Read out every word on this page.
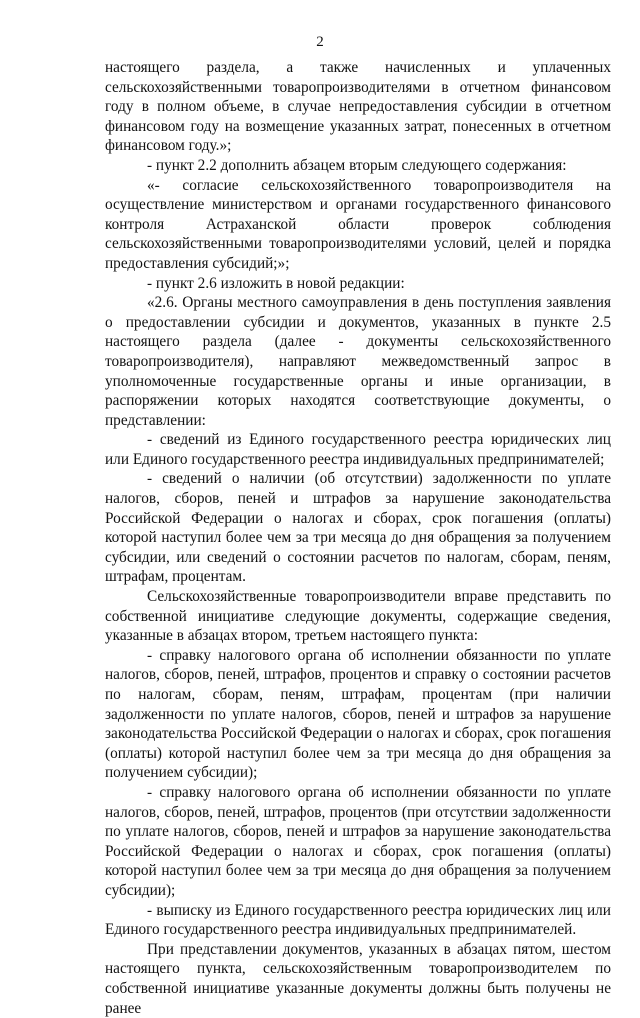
2

настоящего раздела, а также начисленных и уплаченных сельскохозяйственными товаропроизводителями в отчетном финансовом году в полном объеме, в случае непредоставления субсидии в отчетном финансовом году на возмещение указанных затрат, понесенных в отчетном финансовом году.»;

- пункт 2.2 дополнить абзацем вторым следующего содержания:

«- согласие сельскохозяйственного товаропроизводителя на осуществление министерством и органами государственного финансового контроля Астраханской области проверок соблюдения сельскохозяйственными товаропроизводителями условий, целей и порядка предоставления субсидий;»;

- пункт 2.6 изложить в новой редакции:

«2.6. Органы местного самоуправления в день поступления заявления о предоставлении субсидии и документов, указанных в пункте 2.5 настоящего раздела (далее - документы сельскохозяйственного товаропроизводителя), направляют межведомственный запрос в уполномоченные государственные органы и иные организации, в распоряжении которых находятся соответствующие документы, о представлении:

- сведений из Единого государственного реестра юридических лиц или Единого государственного реестра индивидуальных предпринимателей;

- сведений о наличии (об отсутствии) задолженности по уплате налогов, сборов, пеней и штрафов за нарушение законодательства Российской Федерации о налогах и сборах, срок погашения (оплаты) которой наступил более чем за три месяца до дня обращения за получением субсидии, или сведений о состоянии расчетов по налогам, сборам, пеням, штрафам, процентам.

Сельскохозяйственные товаропроизводители вправе представить по собственной инициативе следующие документы, содержащие сведения, указанные в абзацах втором, третьем настоящего пункта:

- справку налогового органа об исполнении обязанности по уплате налогов, сборов, пеней, штрафов, процентов и справку о состоянии расчетов по налогам, сборам, пеням, штрафам, процентам (при наличии задолженности по уплате налогов, сборов, пеней и штрафов за нарушение законодательства Российской Федерации о налогах и сборах, срок погашения (оплаты) которой наступил более чем за три месяца до дня обращения за получением субсидии);

- справку налогового органа об исполнении обязанности по уплате налогов, сборов, пеней, штрафов, процентов (при отсутствии задолженности по уплате налогов, сборов, пеней и штрафов за нарушение законодательства Российской Федерации о налогах и сборах, срок погашения (оплаты) которой наступил более чем за три месяца до дня обращения за получением субсидии);

- выписку из Единого государственного реестра юридических лиц или Единого государственного реестра индивидуальных предпринимателей.

При представлении документов, указанных в абзацах пятом, шестом настоящего пункта, сельскохозяйственным товаропроизводителем по собственной инициативе указанные документы должны быть получены не ранее
